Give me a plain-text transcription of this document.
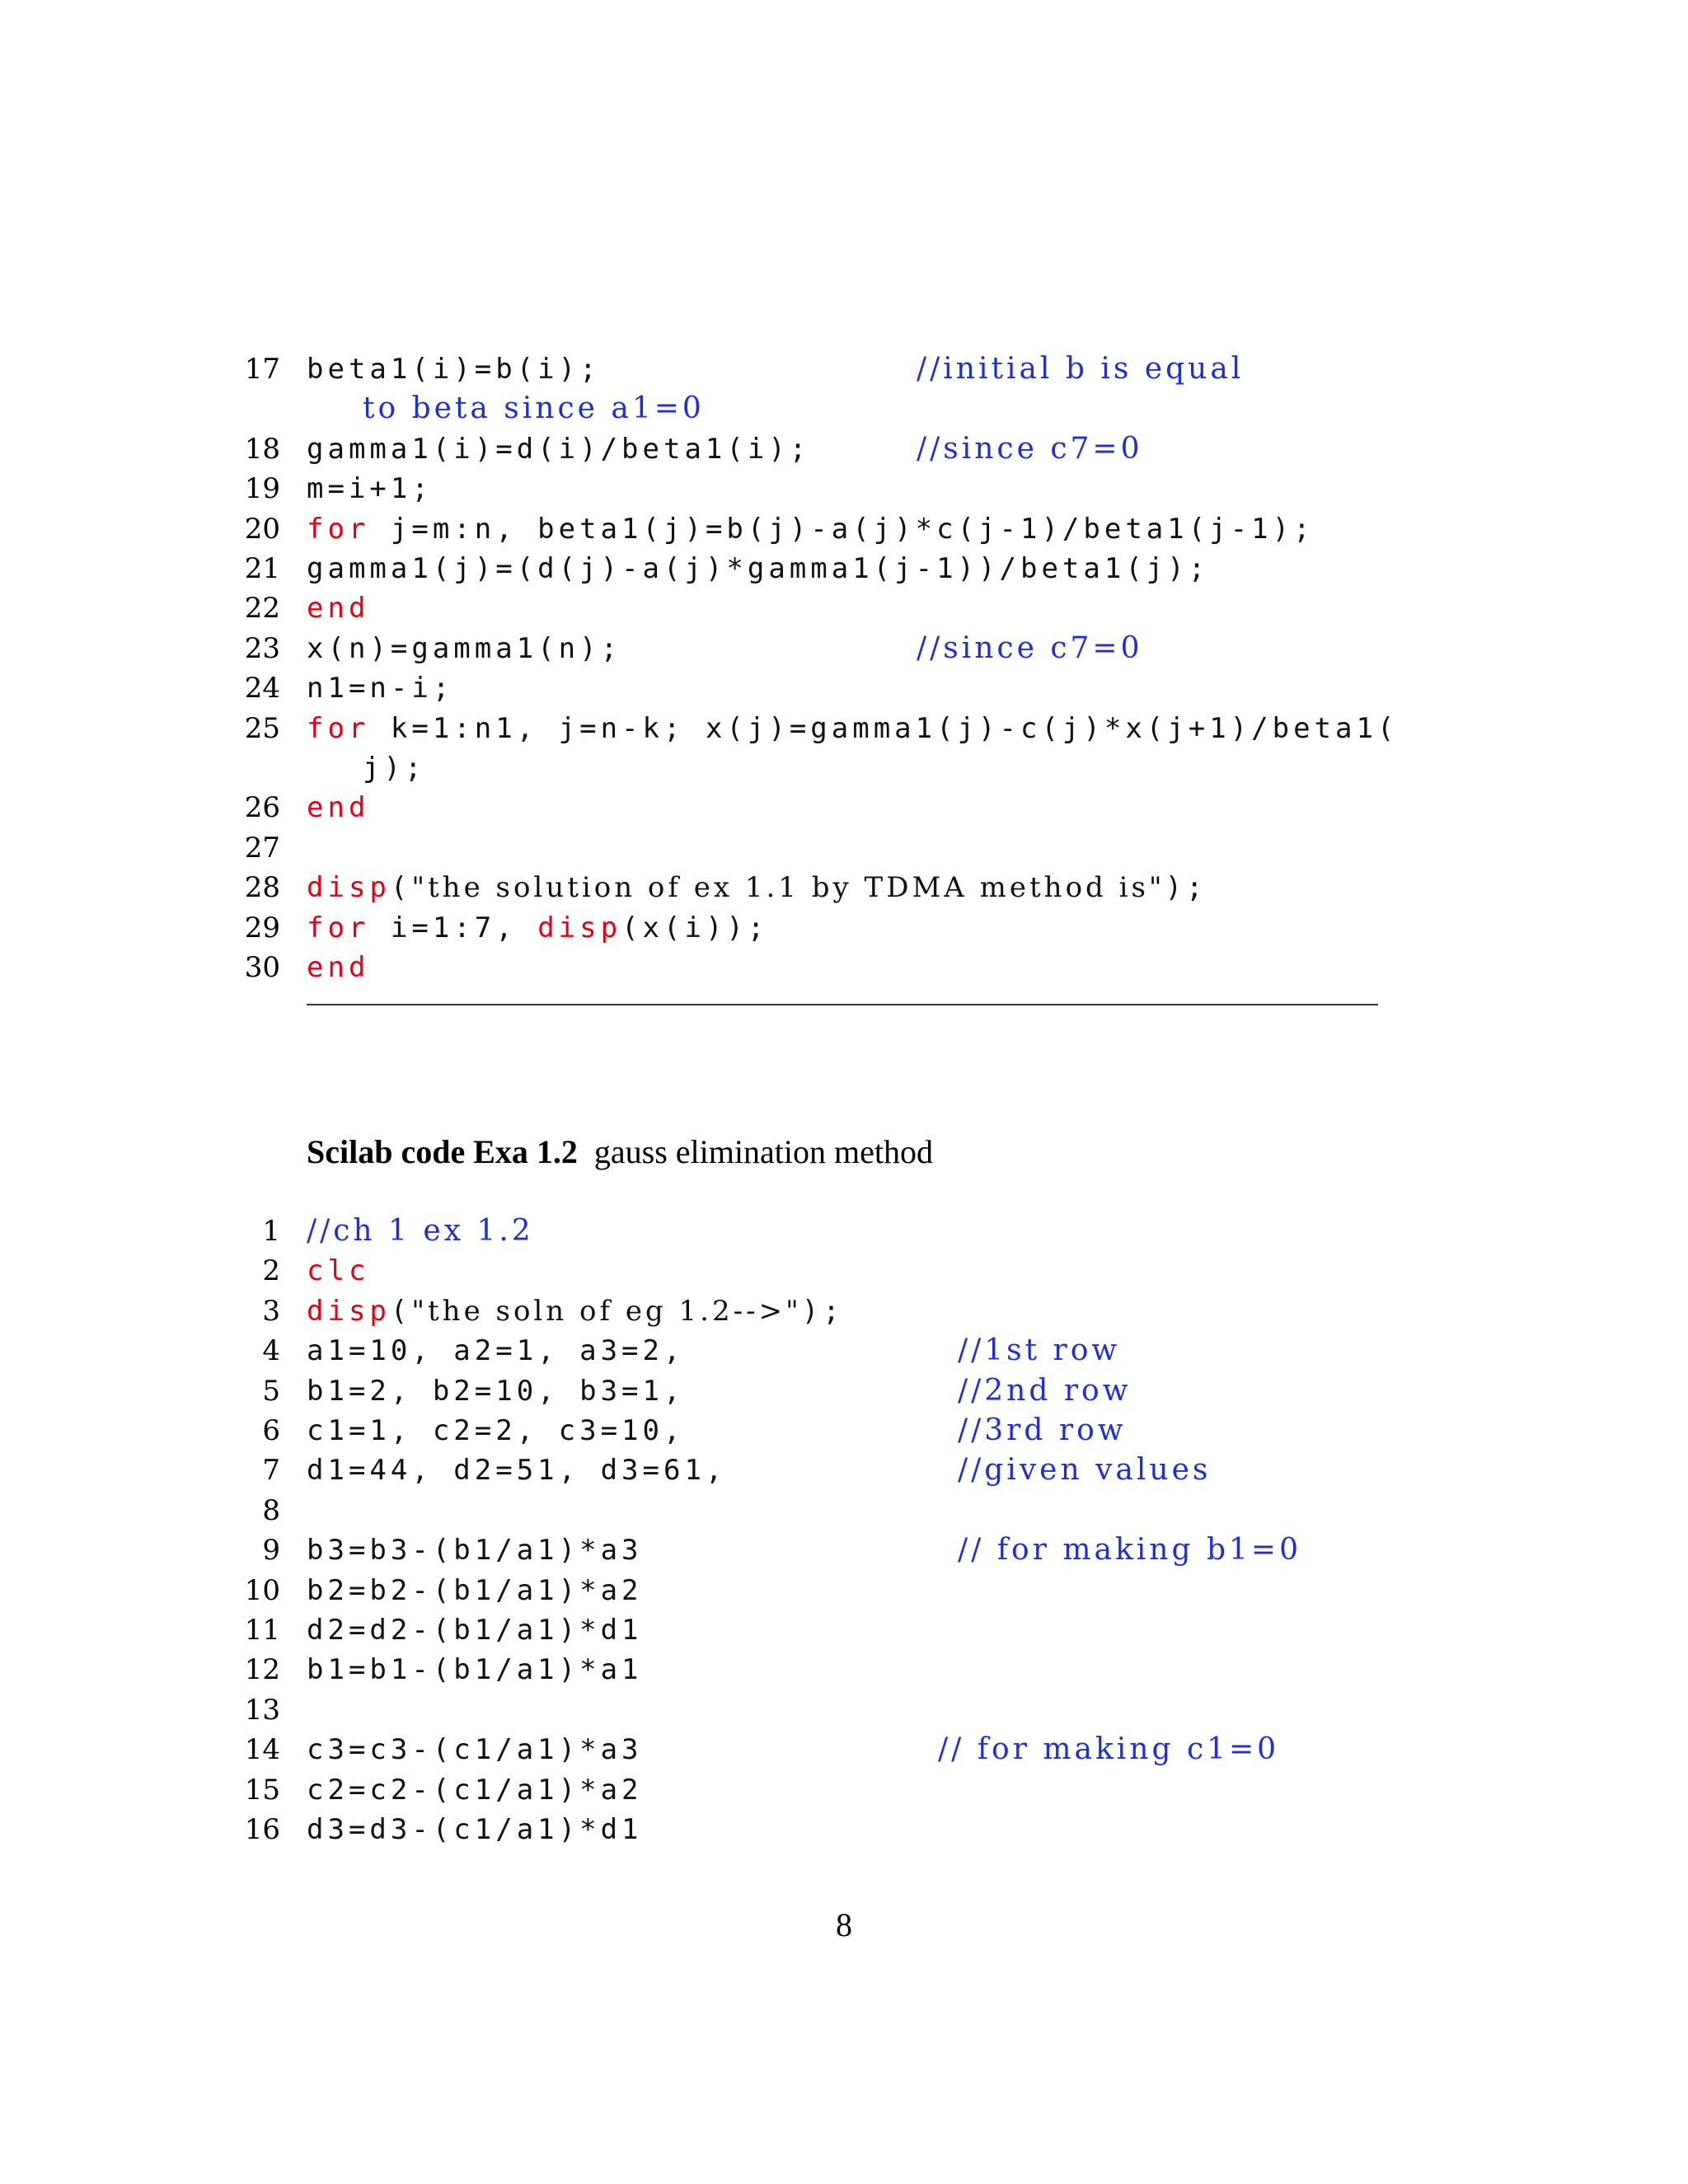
17 beta1(i)=b(i);	//initial b is equal
to beta since a1=0
18 gamma1(i)=d(i)/beta1(i);	//since c7=0
19 m=i+1;
20 for j=m:n, beta1(j)=b(j)-a(j)*c(j-1)/beta1(j-1);
21 gamma1(j)=(d(j)-a(j)*gamma1(j-1))/beta1(j);
22 end
23 x(n)=gamma1(n);	//since c7=0
24 n1=n-i;
25 for k=1:n1, j=n-k; x(j)=gamma1(j)-c(j)*x(j+1)/beta1(
j);
26 end
27
28 disp("the solution of ex 1.1 by TDMA method is");
29 for i=1:7, disp(x(i));
30 end
Scilab code Exa 1.2 gauss elimination method
1 //ch 1 ex 1.2
2 clc
3 disp("the soln of eg 1.2-->");
4 a1=10, a2=1, a3=2,	//1st row
5 b1=2, b2=10, b3=1,	//2nd row
6 c1=1, c2=2, c3=10,	//3rd row
7 d1=44, d2=51, d3=61,	//given values
8
9 b3=b3-(b1/a1)*a3	// for making b1=0
10 b2=b2-(b1/a1)*a2
11 d2=d2-(b1/a1)*d1
12 b1=b1-(b1/a1)*a1
13
14 c3=c3-(c1/a1)*a3	// for making c1=0
15 c2=c2-(c1/a1)*a2
16 d3=d3-(c1/a1)*d1
8
